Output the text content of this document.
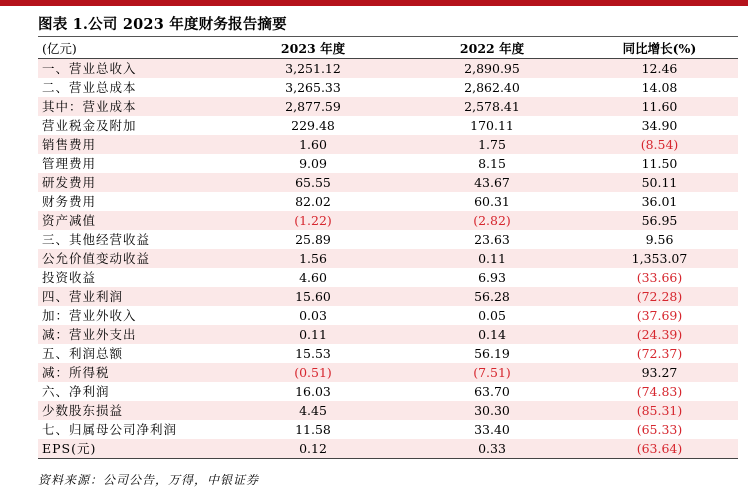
图表 1.公司 2023 年度财务报告摘要
(亿元)	2023 年度	2022 年度	同比增长(%)
一、营业总收入	3,251.12	2,890.95	12.46
二、营业总成本	3,265.33	2,862.40	14.08
其中：营业成本	2,877.59	2,578.41	11.60
营业税金及附加	229.48	170.11	34.90
销售费用	1.60	1.75	(8.54)
管理费用	9.09	8.15	11.50
研发费用	65.55	43.67	50.11
财务费用	82.02	60.31	36.01
资产减值	(1.22)	(2.82)	56.95
三、其他经营收益	25.89	23.63	9.56
公允价值变动收益	1.56	0.11	1,353.07
投资收益	4.60	6.93	(33.66)
四、营业利润	15.60	56.28	(72.28)
加：营业外收入	0.03	0.05	(37.69)
减：营业外支出	0.11	0.14	(24.39)
五、利润总额	15.53	56.19	(72.37)
减：所得税	(0.51)	(7.51)	93.27
六、净利润	16.03	63.70	(74.83)
少数股东损益	4.45	30.30	(85.31)
七、归属母公司净利润	11.58	33.40	(65.33)
EPS(元)	0.12	0.33	(63.64)
资料来源：公司公告，万得，中银证券
